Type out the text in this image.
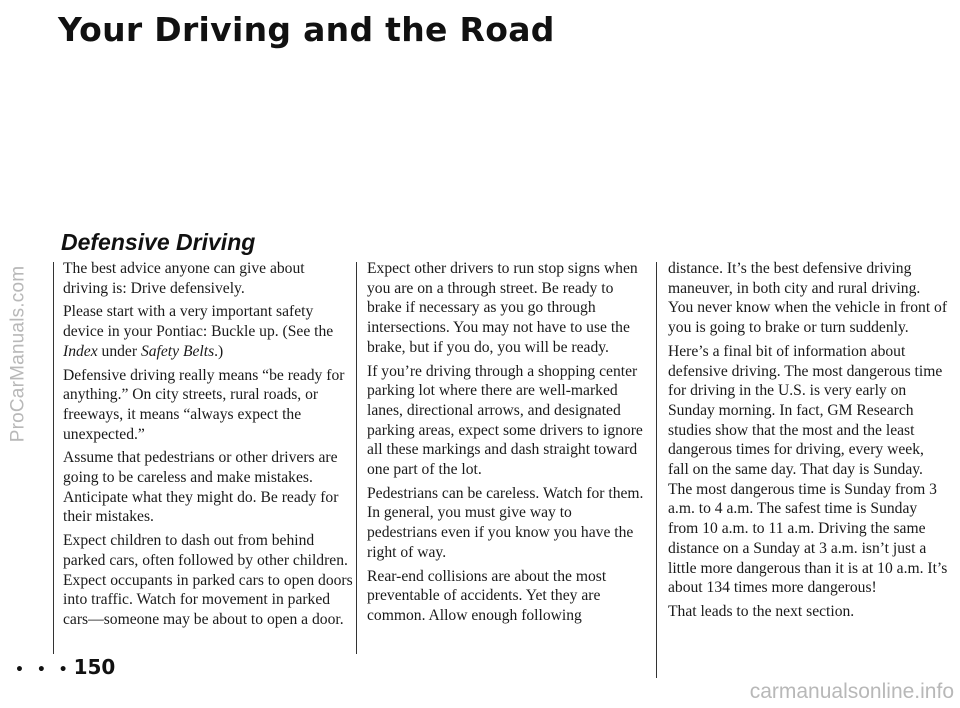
ProCarManuals.com
Your Driving and the Road
Defensive Driving

The best advice anyone can give about driving is: Drive defensively.

Please start with a very important safety device in your Pontiac: Buckle up. (See the Index under Safety Belts.)

Defensive driving really means “be ready for anything.” On city streets, rural roads, or freeways, it means “always expect the unexpected.”

Assume that pedestrians or other drivers are going to be careless and make mistakes. Anticipate what they might do. Be ready for their mistakes.

Expect children to dash out from behind parked cars, often followed by other children. Expect occupants in parked cars to open doors into traffic. Watch for movement in parked cars—someone may be about to open a door.

Expect other drivers to run stop signs when you are on a through street. Be ready to brake if necessary as you go through intersections. You may not have to use the brake, but if you do, you will be ready.

If you’re driving through a shopping center parking lot where there are well-marked lanes, directional arrows, and designated parking areas, expect some drivers to ignore all these markings and dash straight toward one part of the lot.

Pedestrians can be careless. Watch for them. In general, you must give way to pedestrians even if you know you have the right of way.

Rear-end collisions are about the most preventable of accidents. Yet they are common. Allow enough following

distance. It’s the best defensive driving maneuver, in both city and rural driving. You never know when the vehicle in front of you is going to brake or turn suddenly.

Here’s a final bit of information about defensive driving. The most dangerous time for driving in the U.S. is very early on Sunday morning. In fact, GM Research studies show that the most and the least dangerous times for driving, every week, fall on the same day. That day is Sunday. The most dangerous time is Sunday from 3 a.m. to 4 a.m. The safest time is Sunday from 10 a.m. to 11 a.m. Driving the same distance on a Sunday at 3 a.m. isn’t just a little more dangerous than it is at 10 a.m. It’s about 134 times more dangerous!

That leads to the next section.

• • • 150
carmanualsonline.info
